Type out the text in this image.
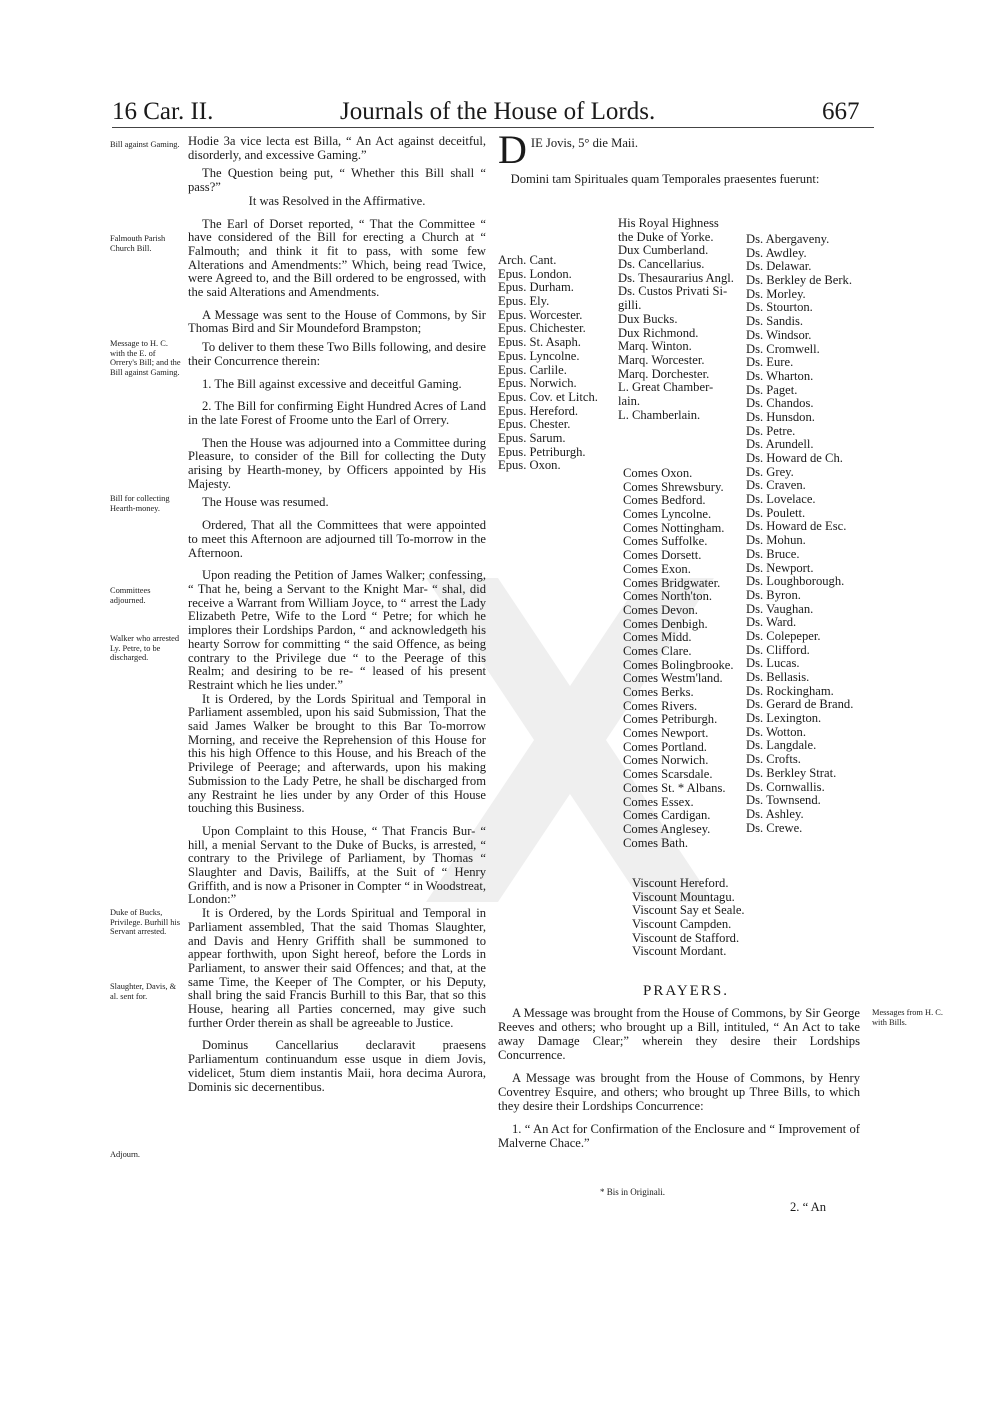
16 Car. II.	Journals of the House of Lords.	667
Bill against Gaming.
Falmouth Parish Church Bill.
Message to H. C. with the E. of Orrery's Bill; and the Bill against Gaming.
Bill for collecting Hearth-money.
Committees adjourned.
Walker who arrested Ly. Petre, to be discharged.
Duke of Bucks, Privilege. Burhill his Servant arrested.
Slaughter, Davis, & al. sent for.
Adjourn.

Hodie 3a vice lecta est Billa, “ An Act against deceitful, disorderly, and excessive Gaming.”

The Question being put, “ Whether this Bill shall “ pass?”

It was Resolved in the Affirmative.

The Earl of Dorset reported, “ That the Committee “ have considered of the Bill for erecting a Church at “ Falmouth; and think it fit to pass, with some few Alterations and Amendments:” Which, being read Twice, were Agreed to, and the Bill ordered to be engrossed, with the said Alterations and Amendments.

A Message was sent to the House of Commons, by Sir Thomas Bird and Sir Moundeford Brampston;

To deliver to them these Two Bills following, and desire their Concurrence therein:

1. The Bill against excessive and deceitful Gaming.

2. The Bill for confirming Eight Hundred Acres of Land in the late Forest of Froome unto the Earl of Orrery.

Then the House was adjourned into a Committee during Pleasure, to consider of the Bill for collecting the Duty arising by Hearth-money, by Officers appointed by His Majesty.

The House was resumed.

Ordered, That all the Committees that were appointed to meet this Afternoon are adjourned till To-morrow in the Afternoon.

Upon reading the Petition of James Walker; confessing, “ That he, being a Servant to the Knight Mar- “ shal, did receive a Warrant from William Joyce, to “ arrest the Lady Elizabeth Petre, Wife to the Lord “ Petre; for which he implores their Lordships Pardon, “ and acknowledgeth his hearty Sorrow for committing “ the said Offence, as being contrary to the Privilege due “ to the Peerage of this Realm; and desiring to be re- “ leased of his present Restraint which he lies under.”

It is Ordered, by the Lords Spiritual and Temporal in Parliament assembled, upon his said Submission, That the said James Walker be brought to this Bar To-morrow Morning, and receive the Reprehension of this House for this his high Offence to this House, and his Breach of the Privilege of Peerage; and afterwards, upon his making Submission to the Lady Petre, he shall be discharged from any Restraint he lies under by any Order of this House touching this Business.

Upon Complaint to this House, “ That Francis Bur- “ hill, a menial Servant to the Duke of Bucks, is arrested, “ contrary to the Privilege of Parliament, by Thomas “ Slaughter and Davis, Bailiffs, at the Suit of “ Henry Griffith, and is now a Prisoner in Compter “ in Woodstreat, London:”

It is Ordered, by the Lords Spiritual and Temporal in Parliament assembled, That the said Thomas Slaughter, and Davis and Henry Griffith shall be summoned to appear forthwith, upon Sight hereof, before the Lords in Parliament, to answer their said Offences; and that, at the same Time, the Keeper of The Compter, or his Deputy, shall bring the said Francis Burhill to this Bar, that so this House, hearing all Parties concerned, may give such further Order therein as shall be agreeable to Justice.

Dominus Cancellarius declaravit praesens Parliamentum continuandum esse usque in diem Jovis, videlicet, 5tum diem instantis Maii, hora decima Aurora, Dominis sic decernentibus.

D IE Jovis, 5° die Maii.
Domini tam Spirituales quam Temporales praesentes fuerunt:
Arch. Cant.
Epus. London.
Epus. Durham.
Epus. Ely.
Epus. Worcester.
Epus. Chichester.
Epus. St. Asaph.
Epus. Lyncolne.
Epus. Carlile.
Epus. Norwich.
Epus. Cov. et Litch.
Epus. Hereford.
Epus. Chester.
Epus. Sarum.
Epus. Petriburgh.
Epus. Oxon.
His Royal Highness
the Duke of Yorke.
Dux Cumberland.
Ds. Cancellarius.
Ds. Thesaurarius Angl.
Ds. Custos Privati Si-
gilli.
Dux Bucks.
Dux Richmond.
Marq. Winton.
Marq. Worcester.
Marq. Dorchester.
L. Great Chamber-
lain.
L. Chamberlain.
Comes Oxon.
Comes Shrewsbury.
Comes Bedford.
Comes Lyncolne.
Comes Nottingham.
Comes Suffolke.
Comes Dorsett.
Comes Exon.
Comes Bridgwater.
Comes North'ton.
Comes Devon.
Comes Denbigh.
Comes Midd.
Comes Clare.
Comes Bolingbrooke.
Comes Westm'land.
Comes Berks.
Comes Rivers.
Comes Petriburgh.
Comes Newport.
Comes Portland.
Comes Norwich.
Comes Scarsdale.
Comes St. * Albans.
Comes Essex.
Comes Cardigan.
Comes Anglesey.
Comes Bath.
Viscount Hereford.
Viscount Mountagu.
Viscount Say et Seale.
Viscount Campden.
Viscount de Stafford.
Viscount Mordant.
Ds. Abergaveny.
Ds. Awdley.
Ds. Delawar.
Ds. Berkley de Berk.
Ds. Morley.
Ds. Stourton.
Ds. Sandis.
Ds. Windsor.
Ds. Cromwell.
Ds. Eure.
Ds. Wharton.
Ds. Paget.
Ds. Chandos.
Ds. Hunsdon.
Ds. Petre.
Ds. Arundell.
Ds. Howard de Ch.
Ds. Grey.
Ds. Craven.
Ds. Lovelace.
Ds. Poulett.
Ds. Howard de Esc.
Ds. Mohun.
Ds. Bruce.
Ds. Newport.
Ds. Loughborough.
Ds. Byron.
Ds. Vaughan.
Ds. Ward.
Ds. Colepeper.
Ds. Clifford.
Ds. Lucas.
Ds. Bellasis.
Ds. Rockingham.
Ds. Gerard de Brand.
Ds. Lexington.
Ds. Wotton.
Ds. Langdale.
Ds. Crofts.
Ds. Berkley Strat.
Ds. Cornwallis.
Ds. Townsend.
Ds. Ashley.
Ds. Crewe.
PRAYERS.

A Message was brought from the House of Commons, by Sir George Reeves and others; who brought up a Bill, intituled, “ An Act to take away Damage Clear;” wherein they desire their Lordships Concurrence.

A Message was brought from the House of Commons, by Henry Coventrey Esquire, and others; who brought up Three Bills, to which they desire their Lordships Concurrence:

1. “ An Act for Confirmation of the Enclosure and “ Improvement of Malverne Chace.”

Messages from H. C. with Bills.
* Bis in Originali.
2. “ An
